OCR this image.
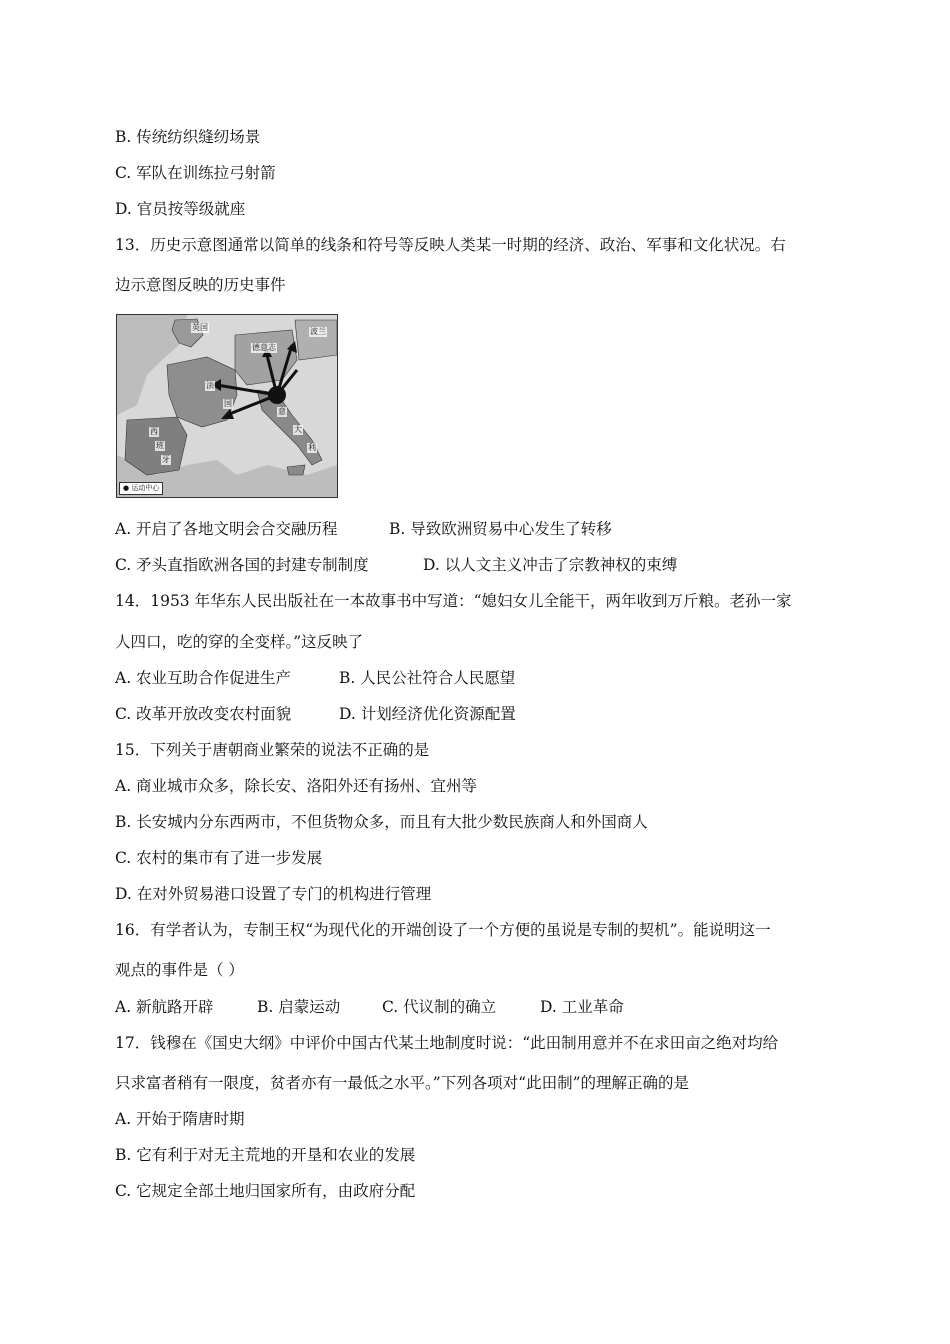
B. 传统纺织缝纫场景
C. 军队在训练拉弓射箭
D. 官员按等级就座
13．历史示意图通常以简单的线条和符号等反映人类某一时期的经济、政治、军事和文化状况。右
边示意图反映的历史事件
英国	波兰
德意志
法
国
西
班
牙
意
大
利
● 运动中心
A. 开启了各地文明会合交融历程	B. 导致欧洲贸易中心发生了转移
C. 矛头直指欧洲各国的封建专制制度	D. 以人文主义冲击了宗教神权的束缚
14．1953 年华东人民出版社在一本故事书中写道：“媳妇女儿全能干，两年收到万斤粮。老孙一家
人四口，吃的穿的全变样。”这反映了
A. 农业互助合作促进生产	B. 人民公社符合人民愿望
C. 改革开放改变农村面貌	D. 计划经济优化资源配置
15．下列关于唐朝商业繁荣的说法不正确的是
A. 商业城市众多，除长安、洛阳外还有扬州、宜州等
B. 长安城内分东西两市，不但货物众多，而且有大批少数民族商人和外国商人
C. 农村的集市有了进一步发展
D. 在对外贸易港口设置了专门的机构进行管理
16．有学者认为，专制王权“为现代化的开端创设了一个方便的虽说是专制的契机”。能说明这一
观点的事件是（ ）
A. 新航路开辟	B. 启蒙运动	C. 代议制的确立	D. 工业革命
17．钱穆在《国史大纲》中评价中国古代某土地制度时说：“此田制用意并不在求田亩之绝对均给
只求富者稍有一限度，贫者亦有一最低之水平。”下列各项对“此田制”的理解正确的是
A. 开始于隋唐时期
B. 它有利于对无主荒地的开垦和农业的发展
C. 它规定全部土地归国家所有，由政府分配
